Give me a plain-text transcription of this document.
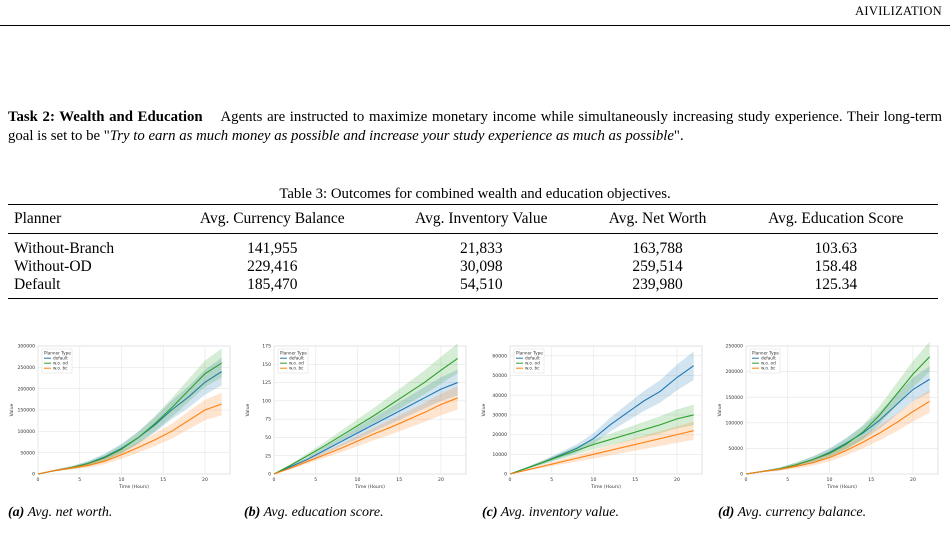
AIVILIZATION
Task 2: Wealth and Education Agents are instructed to maximize monetary income while simultaneously increasing study experience. Their long-term goal is set to be "Try to earn as much money as possible and increase your study experience as much as possible".
Table 3: Outcomes for combined wealth and education objectives.
Planner	Avg. Currency Balance	Avg. Inventory Value	Avg. Net Worth	Avg. Education Score
Without-Branch	141,955	21,833	163,788	103.63
Without-OD	229,416	30,098	259,514	158.48
Default	185,470	54,510	239,980	125.34
0
50000
100000
150000
200000
250000
300000
0	5	10	15	20
Time (Hours)
Value
Planner Type
default
w.o. od
w.o. bc
0
25
50
75
100
125
150
175
0	5	10	15	20
Time (Hours)
Value
Planner Type
default
w.o. od
w.o. bc
0
10000
20000
30000
40000
50000
60000
0	5	10	15	20
Time (Hours)
Value
Planner Type
default
w.o. od
w.o. bc
0
50000
100000
150000
200000
250000
0	5	10	15	20
Time (Hours)
Value
Planner Type
default
w.o. od
w.o. bc
(a) Avg. net worth.	(b) Avg. education score.	(c) Avg. inventory value.	(d) Avg. currency balance.
